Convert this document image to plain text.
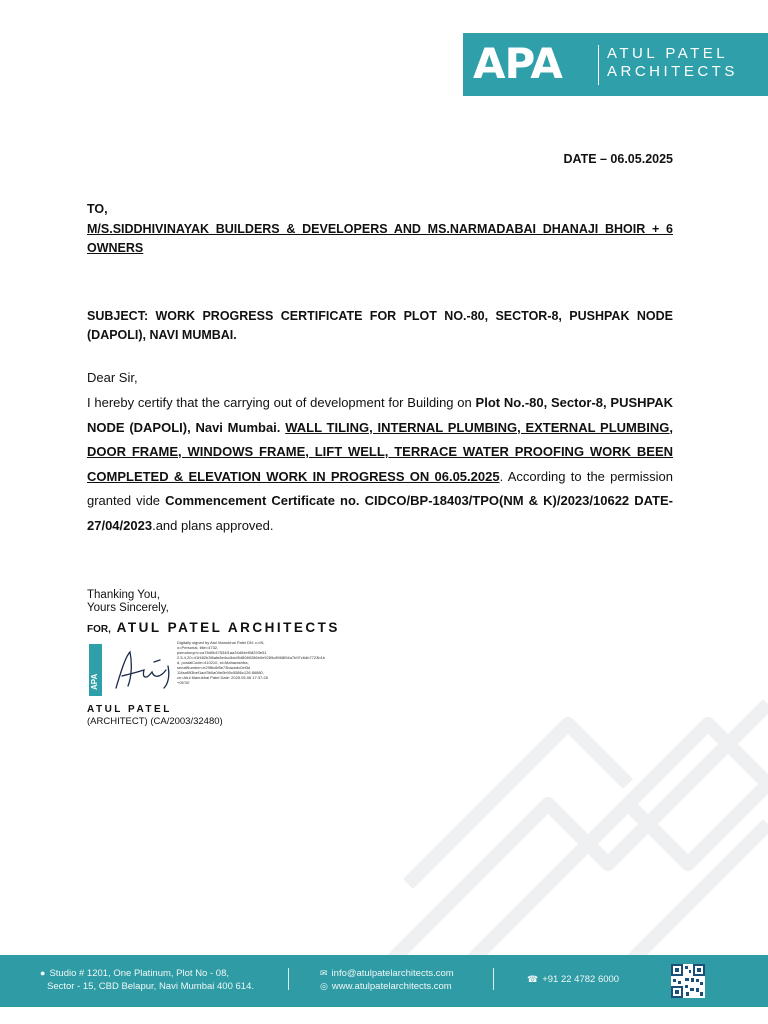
APA	ATUL PATEL
ARCHITECTS
DATE – 06.05.2025
TO,
M/S.SIDDHIVINAYAK BUILDERS & DEVELOPERS AND MS.NARMADABAI DHANAJI BHOIR + 6 OWNERS
SUBJECT: WORK PROGRESS CERTIFICATE FOR PLOT NO.-80, SECTOR-8, PUSHPAK NODE (DAPOLI), NAVI MUMBAI.
Dear Sir,
I hereby certify that the carrying out of development for Building on Plot No.-80, Sector-8, PUSHPAK NODE (DAPOLI), Navi Mumbai. WALL TILING, INTERNAL PLUMBING, EXTERNAL PLUMBING, DOOR FRAME, WINDOWS FRAME, LIFT WELL, TERRACE WATER PROOFING WORK BEEN COMPLETED & ELEVATION WORK IN PROGRESS ON 06.05.2025. According to the permission granted vide Commencement Certificate no. CIDCO/BP-18403/TPO(NM & K)/2023/10622 DATE-27/04/2023.and plans approved.
Thanking You,
Yours Sincerely,
FOR, ATUL PATEL ARCHITECTS
APA
Digitally signed by Atul Manubhai Patel DN: c=IN, o=Personal, title=4732, pseudonym=ca78d0b47534f1aa34d54ef08293e51 2.5.4.20=41f482b3f6afe8e4cc5dcf548089286b0e9289c8968f04a7b97c6db7723b1b d, postalCode=410210, st=Maharashtra, serialNumber=b29f6c6f8e73bacedc0ef3d 11faaf0f3bef1acf3b0a09e0b90c5586c126 86880, cn=Atul Manubhai Patel Date: 2025.05.06 17:37:28 +05'30'
ATUL PATEL
(ARCHITECT) (CA/2003/32480)
● Studio # 1201, One Platinum, Plot No - 08,
Sector - 15, CBD Belapur, Navi Mumbai 400 614.
✉ info@atulpatelarchitects.com
◎ www.atulpatelarchitects.com
☎ +91 22 4782 6000
